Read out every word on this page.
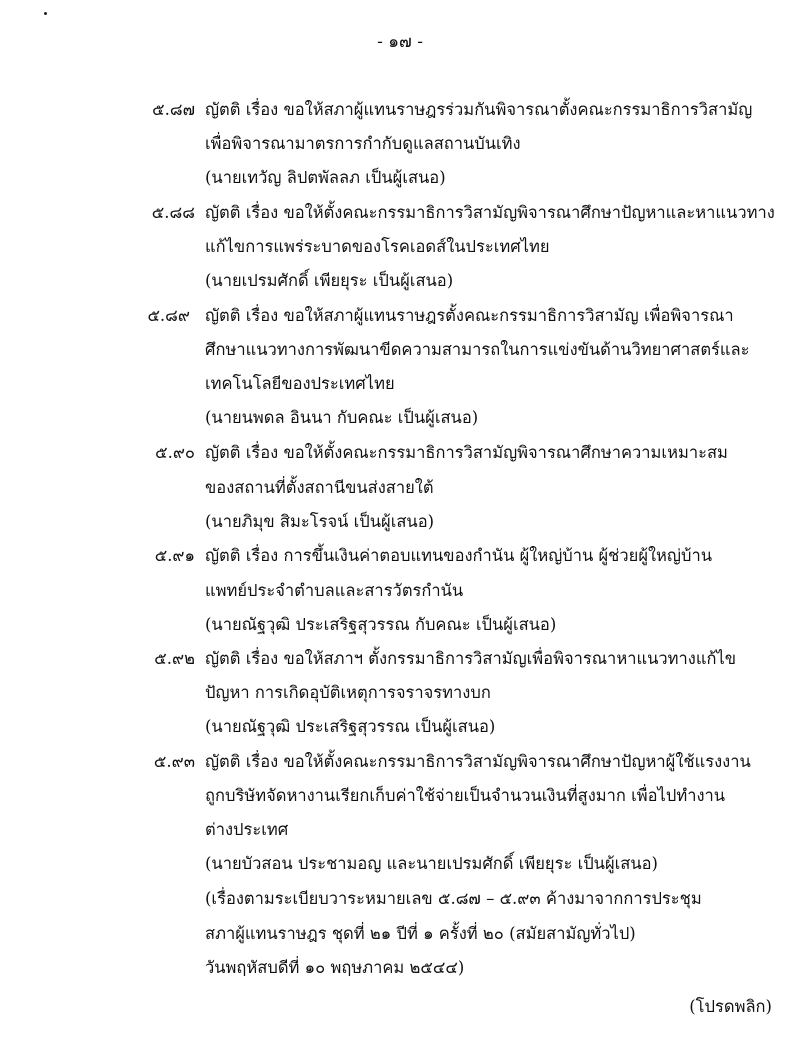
- ๑๗ -
๕.๘๗ ญัตติ เรื่อง ขอให้สภาผู้แทนราษฎรร่วมกันพิจารณาตั้งคณะกรรมาธิการวิสามัญ
เพื่อพิจารณามาตรการกำกับดูแลสถานบันเทิง
(นายเทวัญ ลิปตพัลลภ เป็นผู้เสนอ)
๕.๘๘ ญัตติ เรื่อง ขอให้ตั้งคณะกรรมาธิการวิสามัญพิจารณาศึกษาปัญหาและหาแนวทาง
แก้ไขการแพร่ระบาดของโรคเอดส์ในประเทศไทย
(นายเปรมศักดิ์ เพียยุระ เป็นผู้เสนอ)
๕.๘๙ ญัตติ เรื่อง ขอให้สภาผู้แทนราษฎรตั้งคณะกรรมาธิการวิสามัญ เพื่อพิจารณา
ศึกษาแนวทางการพัฒนาขีดความสามารถในการแข่งขันด้านวิทยาศาสตร์และ
เทคโนโลยีของประเทศไทย
(นายนพดล อินนา กับคณะ เป็นผู้เสนอ)
๕.๙๐ ญัตติ เรื่อง ขอให้ตั้งคณะกรรมาธิการวิสามัญพิจารณาศึกษาความเหมาะสม
ของสถานที่ตั้งสถานีขนส่งสายใต้
(นายภิมุข สิมะโรจน์ เป็นผู้เสนอ)
๕.๙๑ ญัตติ เรื่อง การขึ้นเงินค่าตอบแทนของกำนัน ผู้ใหญ่บ้าน ผู้ช่วยผู้ใหญ่บ้าน
แพทย์ประจำตำบลและสารวัตรกำนัน
(นายณัฐวุฒิ ประเสริฐสุวรรณ กับคณะ เป็นผู้เสนอ)
๕.๙๒ ญัตติ เรื่อง ขอให้สภาฯ ตั้งกรรมาธิการวิสามัญเพื่อพิจารณาหาแนวทางแก้ไข
ปัญหา การเกิดอุบัติเหตุการจราจรทางบก
(นายณัฐวุฒิ ประเสริฐสุวรรณ เป็นผู้เสนอ)
๕.๙๓ ญัตติ เรื่อง ขอให้ตั้งคณะกรรมาธิการวิสามัญพิจารณาศึกษาปัญหาผู้ใช้แรงงาน
ถูกบริษัทจัดหางานเรียกเก็บค่าใช้จ่ายเป็นจำนวนเงินที่สูงมาก เพื่อไปทำงาน
ต่างประเทศ
(นายบัวสอน ประชามอญ และนายเปรมศักดิ์ เพียยุระ เป็นผู้เสนอ)
(เรื่องตามระเบียบวาระหมายเลข ๕.๘๗ – ๕.๙๓ ค้างมาจากการประชุม
สภาผู้แทนราษฎร ชุดที่ ๒๑ ปีที่ ๑ ครั้งที่ ๒๐ (สมัยสามัญทั่วไป)
วันพฤหัสบดีที่ ๑๐ พฤษภาคม ๒๕๔๔)
(โปรดพลิก)
